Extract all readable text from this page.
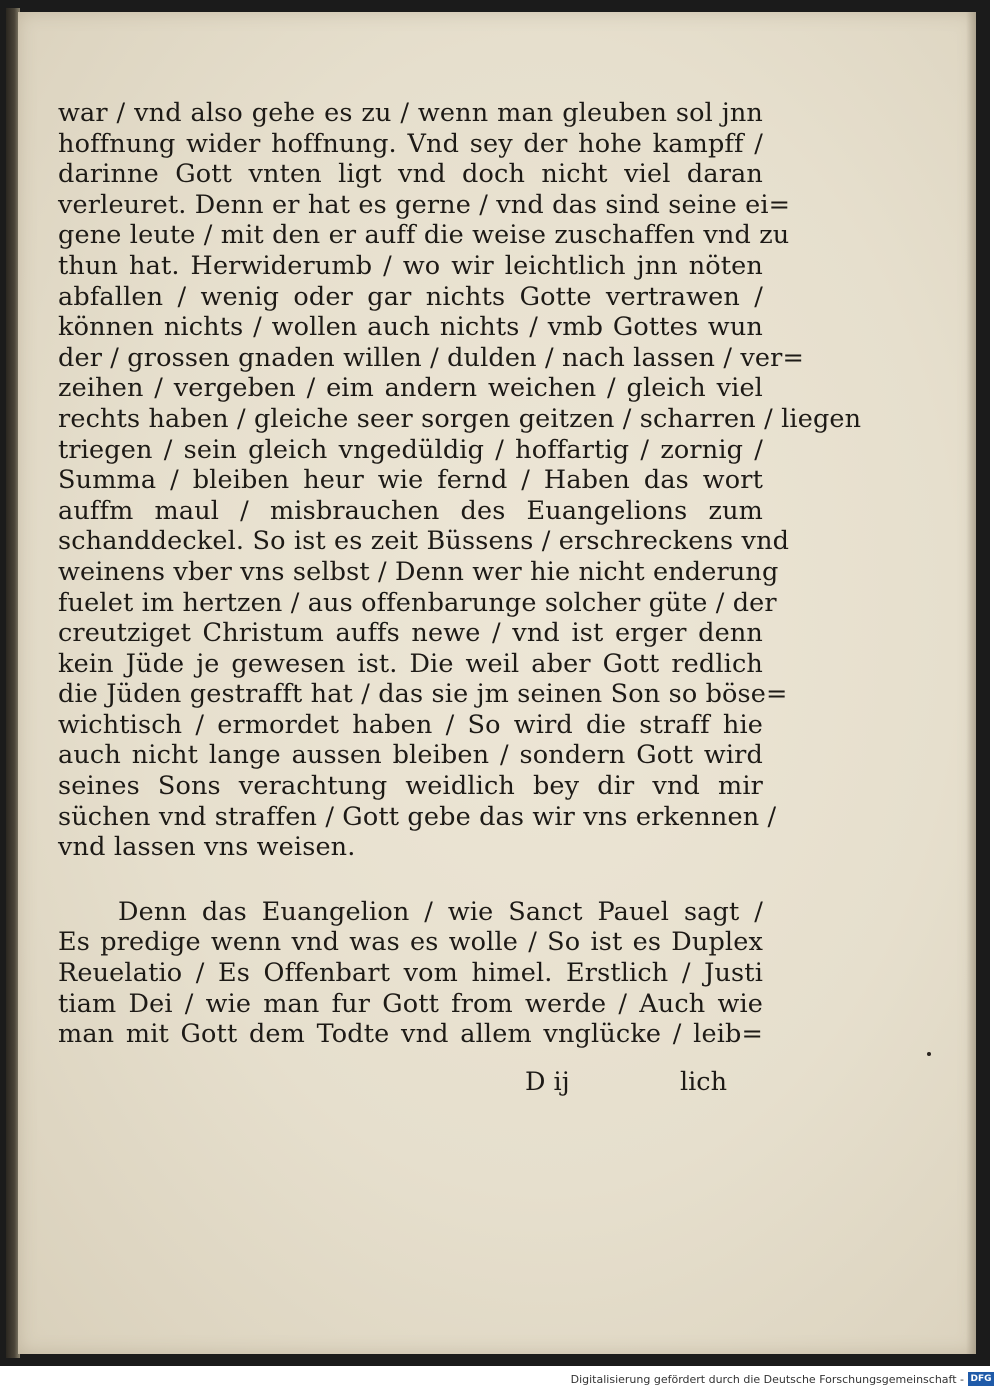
war / vnd also gehe es zu / wenn man gleuben sol jnn
hoffnung wider hoffnung. Vnd sey der hohe kampff /
darinne Gott vnten ligt vnd doch nicht viel daran
verleuret. Denn er hat es gerne / vnd das sind seine ei=
gene leute / mit den er auff die weise zuschaffen vnd zu
thun hat. Herwiderumb / wo wir leichtlich jnn nöten
abfallen / wenig oder gar nichts Gotte vertrawen /
können nichts / wollen auch nichts / vmb Gottes wun
der / grossen gnaden willen / dulden / nach lassen / ver=
zeihen / vergeben / eim andern weichen / gleich viel
rechts haben / gleiche seer sorgen geitzen / scharren / liegen
triegen / sein gleich vngedüldig / hoffartig / zornig /
Summa / bleiben heur wie fernd / Haben das wort
auffm maul / misbrauchen des Euangelions zum
schanddeckel. So ist es zeit Büssens / erschreckens vnd
weinens vber vns selbst / Denn wer hie nicht enderung
fuelet im hertzen / aus offenbarunge solcher güte / der
creutziget Christum auffs newe / vnd ist erger denn
kein Jüde je gewesen ist. Die weil aber Gott redlich
die Jüden gestrafft hat / das sie jm seinen Son so böse=
wichtisch / ermordet haben / So wird die straff hie
auch nicht lange aussen bleiben / sondern Gott wird
seines Sons verachtung weidlich bey dir vnd mir
süchen vnd straffen / Gott gebe das wir vns erkennen /
vnd lassen vns weisen.
Denn das Euangelion / wie Sanct Pauel sagt /
Es predige wenn vnd was es wolle / So ist es Duplex
Reuelatio / Es Offenbart vom himel. Erstlich / Justi
tiam Dei / wie man fur Gott from werde / Auch wie
man mit Gott dem Todte vnd allem vnglücke / leib=
D ij	lich
Digitalisierung gefördert durch die Deutsche Forschungsgemeinschaft - DFG
